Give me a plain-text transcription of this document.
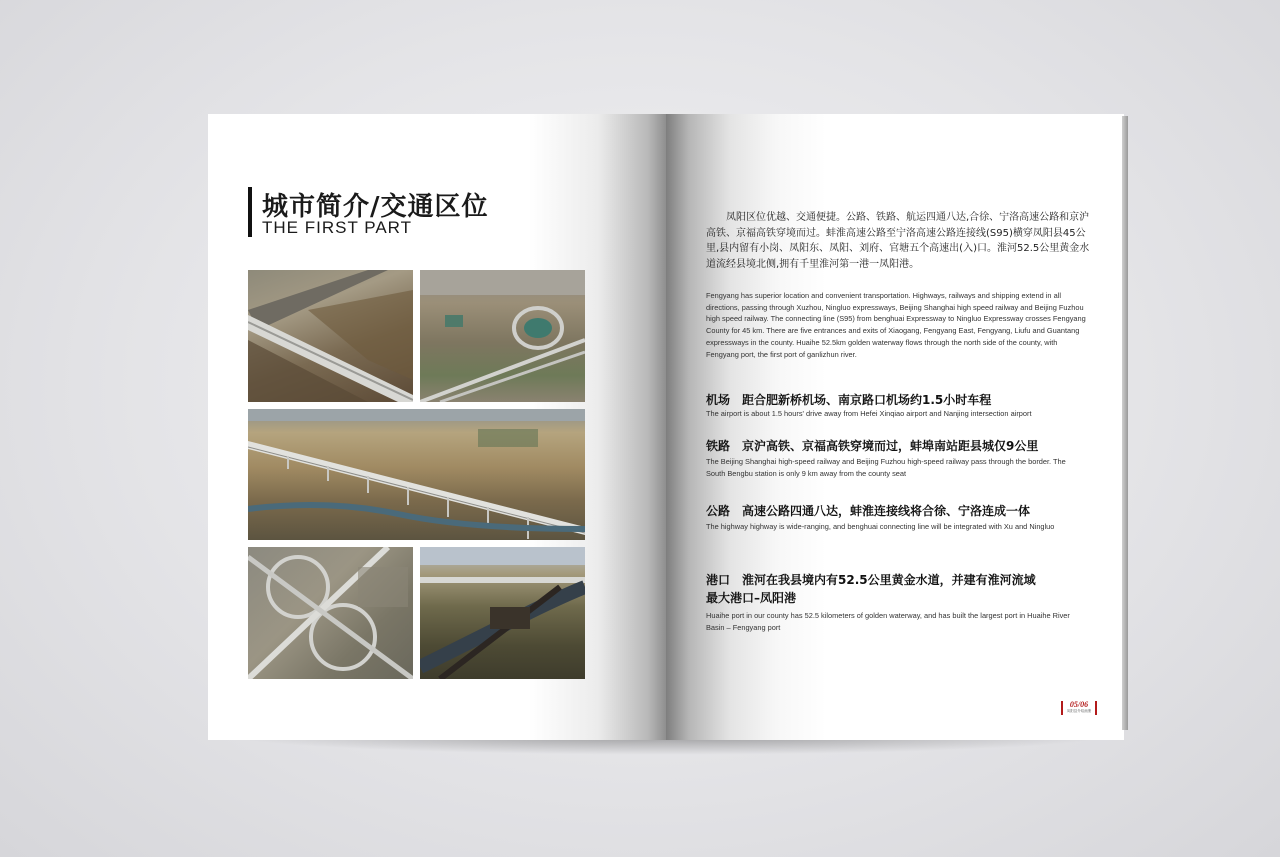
城市简介/交通区位
THE FIRST PART
凤阳区位优越、交通便捷。公路、铁路、航运四通八达,合徐、宁洛高速公路和京沪高铁、京福高铁穿境而过。蚌淮高速公路至宁洛高速公路连接线(S95)横穿凤阳县45公里,县内留有小岗、凤阳东、凤阳、刘府、官塘五个高速出(入)口。淮河52.5公里黄金水道流经县境北侧,拥有千里淮河第一港一凤阳港。
Fengyang has superior location and convenient transportation. Highways, railways and shipping extend in all directions, passing through Xuzhou, Ningluo expressways, Beijing Shanghai high speed railway and Beijing Fuzhou high speed railway. The connecting line (S95) from benghuai Expressway to Ningluo Expressway crosses Fengyang County for 45 km. There are five entrances and exits of Xiaogang, Fengyang East, Fengyang, Liufu and Guantang expressways in the county. Huaihe 52.5km golden waterway flows through the north side of the county, with Fengyang port, the first port of ganlizhun river.
机场 距合肥新桥机场、南京路口机场约1.5小时车程
The airport is about 1.5 hours' drive away from Hefei Xinqiao airport and Nanjing intersection airport
铁路 京沪高铁、京福高铁穿境而过，蚌埠南站距县城仅9公里
The Beijing Shanghai high-speed railway and Beijing Fuzhou high-speed railway pass through the border. The South Bengbu station is only 9 km away from the county seat
公路 高速公路四通八达，蚌淮连接线将合徐、宁洛连成一体
The highway highway is wide-ranging, and benghuai connecting line will be integrated with Xu and Ningluo
港口 淮河在我县境内有52.5公里黄金水道，并建有淮河流域
最大港口–凤阳港
Huaihe port in our county has 52.5 kilometers of golden waterway, and has built the largest port in Huaihe River Basin – Fengyang port
05/06
凤阳县介绍画册
